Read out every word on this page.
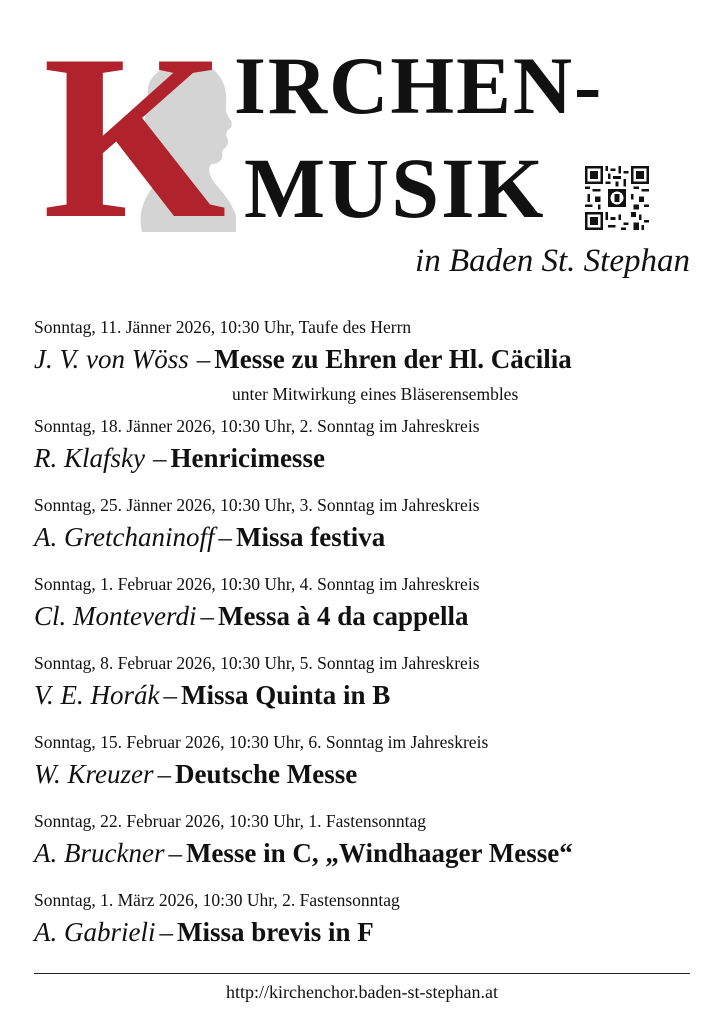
K IRCHEN-
MUSIK
in Baden St. Stephan
Sonntag, 11. Jänner 2026, 10:30 Uhr, Taufe des Herrn
J. V. von Wöss – Messe zu Ehren der Hl. Cäcilia
unter Mitwirkung eines Bläserensembles
Sonntag, 18. Jänner 2026, 10:30 Uhr, 2. Sonntag im Jahreskreis
R. Klafsky – Henricimesse
Sonntag, 25. Jänner 2026, 10:30 Uhr, 3. Sonntag im Jahreskreis
A. Gretchaninoff – Missa festiva
Sonntag, 1. Februar 2026, 10:30 Uhr, 4. Sonntag im Jahreskreis
Cl. Monteverdi – Messa à 4 da cappella
Sonntag, 8. Februar 2026, 10:30 Uhr, 5. Sonntag im Jahreskreis
V. E. Horák – Missa Quinta in B
Sonntag, 15. Februar 2026, 10:30 Uhr, 6. Sonntag im Jahreskreis
W. Kreuzer – Deutsche Messe
Sonntag, 22. Februar 2026, 10:30 Uhr, 1. Fastensonntag
A. Bruckner – Messe in C, „Windhaager Messe“
Sonntag, 1. März 2026, 10:30 Uhr, 2. Fastensonntag
A. Gabrieli – Missa brevis in F
http://kirchenchor.baden-st-stephan.at
